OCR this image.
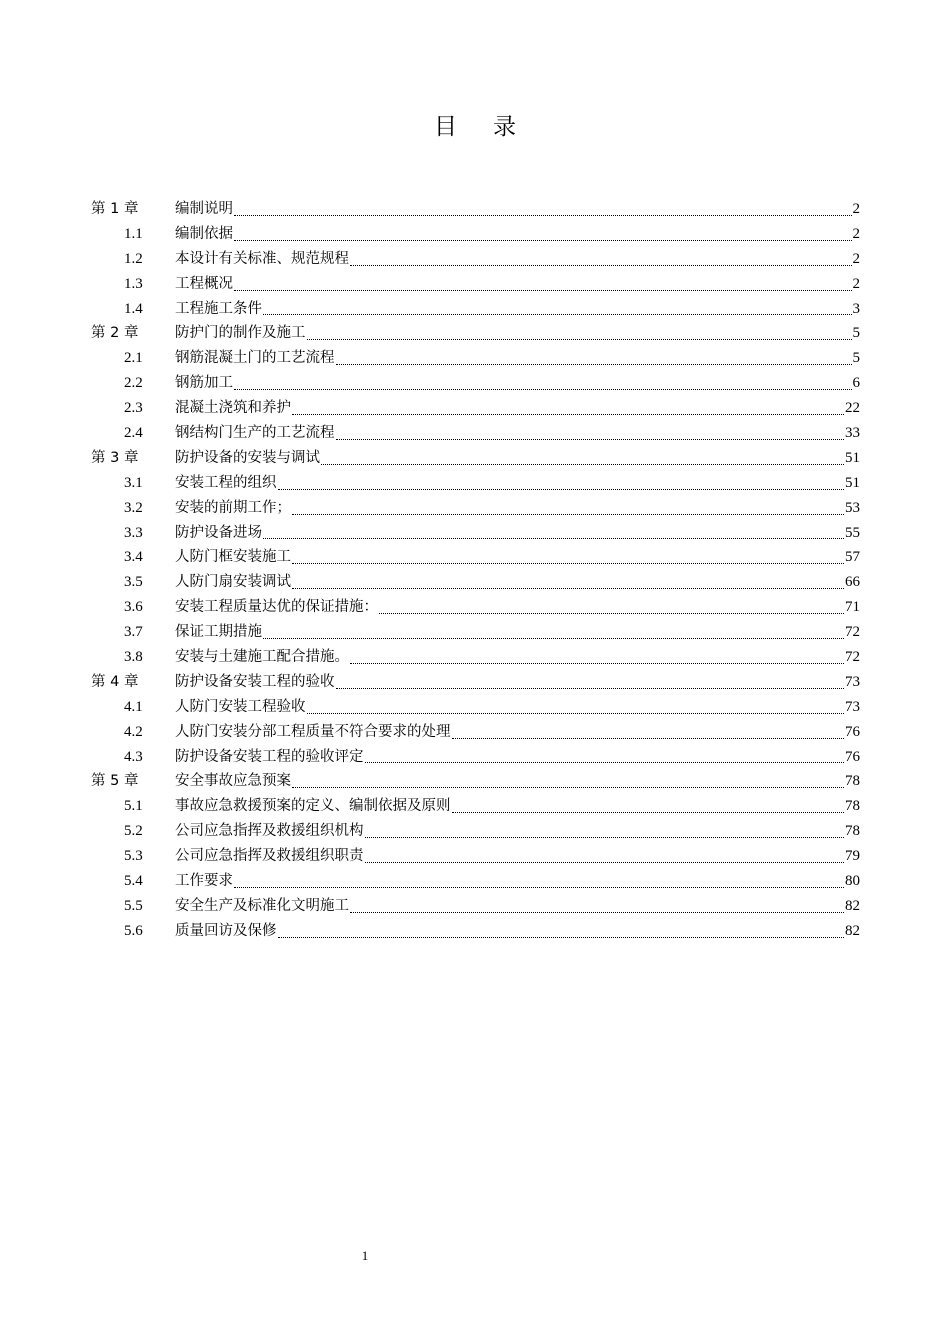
目 录
第 1 章	编制说明	2
1.1	编制依据	2
1.2	本设计有关标准、规范规程	2
1.3	工程概况	2
1.4	工程施工条件	3
第 2 章	防护门的制作及施工	5
2.1	钢筋混凝土门的工艺流程	5
2.2	钢筋加工	6
2.3	混凝土浇筑和养护	22
2.4	钢结构门生产的工艺流程	33
第 3 章	防护设备的安装与调试	51
3.1	安装工程的组织	51
3.2	安装的前期工作；	53
3.3	防护设备进场	55
3.4	人防门框安装施工	57
3.5	人防门扇安装调试	66
3.6	安装工程质量达优的保证措施：	71
3.7	保证工期措施	72
3.8	安装与土建施工配合措施。	72
第 4 章	防护设备安装工程的验收	73
4.1	人防门安装工程验收	73
4.2	人防门安装分部工程质量不符合要求的处理	76
4.3	防护设备安装工程的验收评定	76
第 5 章	安全事故应急预案	78
5.1	事故应急救援预案的定义、编制依据及原则	78
5.2	公司应急指挥及救援组织机构	78
5.3	公司应急指挥及救援组织职责	79
5.4	工作要求	80
5.5	安全生产及标准化文明施工	82
5.6	质量回访及保修	82
1
